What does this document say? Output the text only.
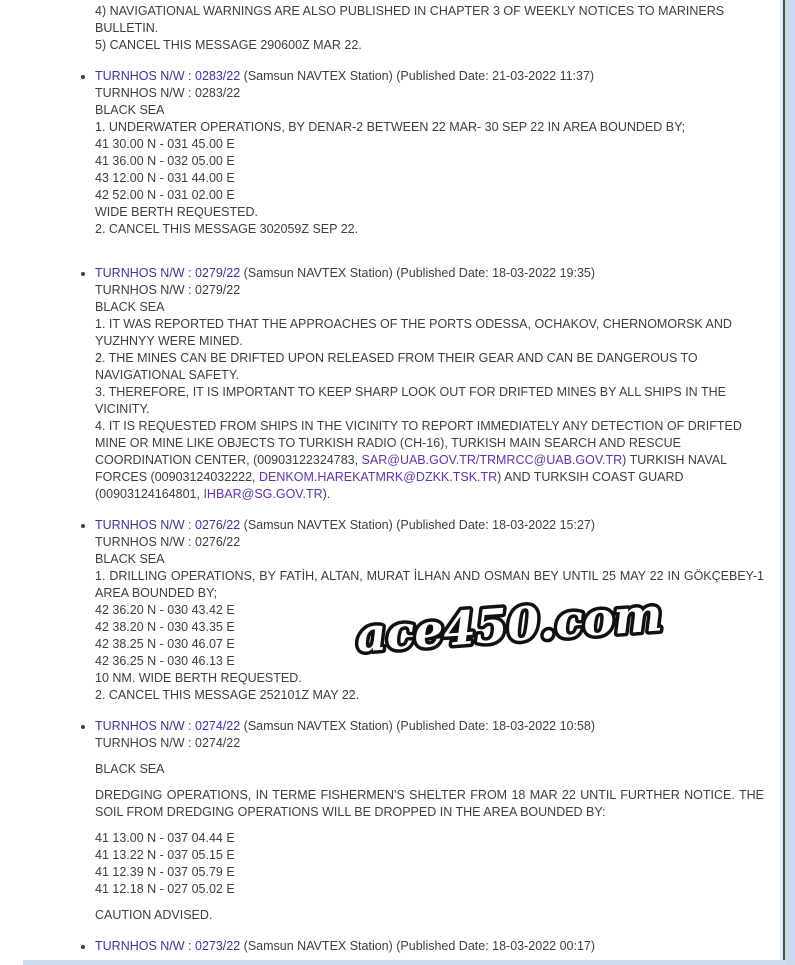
4) NAVIGATIONAL WARNINGS ARE ALSO PUBLISHED IN CHAPTER 3 OF WEEKLY NOTICES TO MARINERS BULLETIN.
5) CANCEL THIS MESSAGE 290600Z MAR 22.
• TURNHOS N/W : 0283/22 (Samsun NAVTEX Station) (Published Date: 21-03-2022 11:37)
TURNHOS N/W : 0283/22
BLACK SEA
1. UNDERWATER OPERATIONS, BY DENAR-2 BETWEEN 22 MAR- 30 SEP 22 IN AREA BOUNDED BY;
41 30.00 N - 031 45.00 E
41 36.00 N - 032 05.00 E
43 12.00 N - 031 44.00 E
42 52.00 N - 031 02.00 E
WIDE BERTH REQUESTED.
2. CANCEL THIS MESSAGE 302059Z SEP 22.
• TURNHOS N/W : 0279/22 (Samsun NAVTEX Station) (Published Date: 18-03-2022 19:35)
TURNHOS N/W : 0279/22
BLACK SEA
1. IT WAS REPORTED THAT THE APPROACHES OF THE PORTS ODESSA, OCHAKOV, CHERNOMORSK AND YUZHNYY WERE MINED.
2. THE MINES CAN BE DRIFTED UPON RELEASED FROM THEIR GEAR AND CAN BE DANGEROUS TO NAVIGATIONAL SAFETY.
3. THEREFORE, IT IS IMPORTANT TO KEEP SHARP LOOK OUT FOR DRIFTED MINES BY ALL SHIPS IN THE VICINITY.
4. IT IS REQUESTED FROM SHIPS IN THE VICINITY TO REPORT IMMEDIATELY ANY DETECTION OF DRIFTED MINE OR MINE LIKE OBJECTS TO TURKISH RADIO (CH-16), TURKISH MAIN SEARCH AND RESCUE COORDINATION CENTER, (00903122324783, SAR@UAB.GOV.TR/TRMRCC@UAB.GOV.TR) TURKISH NAVAL FORCES (00903124032222, DENKOM.HAREKATMRK@DZKK.TSK.TR) AND TURKSIH COAST GUARD (00903124164801, IHBAR@SG.GOV.TR).
• TURNHOS N/W : 0276/22 (Samsun NAVTEX Station) (Published Date: 18-03-2022 15:27)
TURNHOS N/W : 0276/22
BLACK SEA
1. DRILLING OPERATIONS, BY FATİH, ALTAN, MURAT İLHAN AND OSMAN BEY UNTIL 25 MAY 22 IN GÖKÇEBEY-1 AREA BOUNDED BY;
42 36.20 N - 030 43.42 E
42 38.20 N - 030 43.35 E
42 38.25 N - 030 46.07 E
42 36.25 N - 030 46.13 E
10 NM. WIDE BERTH REQUESTED.
2. CANCEL THIS MESSAGE 252101Z MAY 22.
• TURNHOS N/W : 0274/22 (Samsun NAVTEX Station) (Published Date: 18-03-2022 10:58)
TURNHOS N/W : 0274/22
BLACK SEA
DREDGING OPERATIONS, IN TERME FISHERMEN'S SHELTER FROM 18 MAR 22 UNTIL FURTHER NOTICE. THE SOIL FROM DREDGING OPERATIONS WILL BE DROPPED IN THE AREA BOUNDED BY:
41 13.00 N - 037 04.44 E
41 13.22 N - 037 05.15 E
41 12.39 N - 037 05.79 E
41 12.18 N - 027 05.02 E
CAUTION ADVISED.
• TURNHOS N/W : 0273/22 (Samsun NAVTEX Station) (Published Date: 18-03-2022 00:17)
ace450.com
